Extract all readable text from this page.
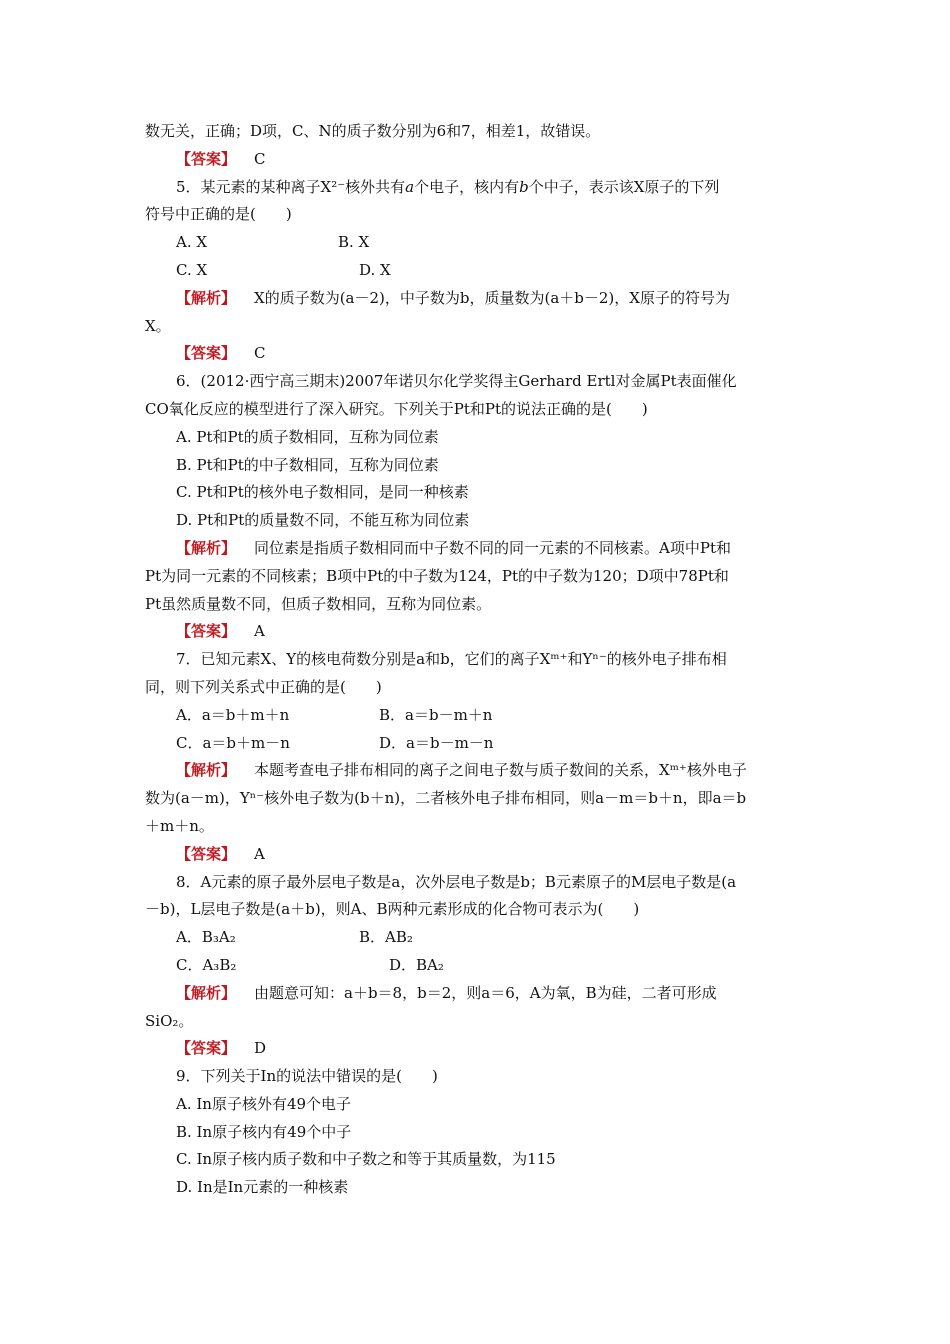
数无关，正确；D项，C、N的质子数分别为6和7，相差1，故错误。
【答案】 C
5．某元素的某种离子X²⁻核外共有a个电子，核内有b个中子，表示该X原子的下列
符号中正确的是(　　)
A. X	B. X
C. X	D. X
【解析】 X的质子数为(a－2)，中子数为b，质量数为(a＋b－2)，X原子的符号为
X。
【答案】 C
6．(2012·西宁高三期末)2007年诺贝尔化学奖得主Gerhard Ertl对金属Pt表面催化
CO氧化反应的模型进行了深入研究。下列关于Pt和Pt的说法正确的是(　　)
A. Pt和Pt的质子数相同，互称为同位素
B. Pt和Pt的中子数相同，互称为同位素
C. Pt和Pt的核外电子数相同，是同一种核素
D. Pt和Pt的质量数不同，不能互称为同位素
【解析】 同位素是指质子数相同而中子数不同的同一元素的不同核素。A项中Pt和
Pt为同一元素的不同核素；B项中Pt的中子数为124，Pt的中子数为120；D项中78Pt和
Pt虽然质量数不同，但质子数相同，互称为同位素。
【答案】 A
7．已知元素X、Y的核电荷数分别是a和b，它们的离子Xᵐ⁺和Yⁿ⁻的核外电子排布相
同，则下列关系式中正确的是(　　)
A．a＝b＋m＋n	B．a＝b－m＋n
C．a＝b＋m－n	D．a＝b－m－n
【解析】 本题考查电子排布相同的离子之间电子数与质子数间的关系，Xᵐ⁺核外电子
数为(a－m)，Yⁿ⁻核外电子数为(b＋n)，二者核外电子排布相同，则a－m＝b＋n，即a＝b
＋m＋n。
【答案】 A
8．A元素的原子最外层电子数是a，次外层电子数是b；B元素原子的M层电子数是(a
－b)，L层电子数是(a＋b)，则A、B两种元素形成的化合物可表示为(　　)
A．B₃A₂	B．AB₂
C．A₃B₂	D．BA₂
【解析】 由题意可知：a＋b＝8，b＝2，则a＝6，A为氧，B为硅，二者可形成
SiO₂。
【答案】 D
9．下列关于In的说法中错误的是(　　)
A. In原子核外有49个电子
B. In原子核内有49个中子
C. In原子核内质子数和中子数之和等于其质量数，为115
D. In是In元素的一种核素
